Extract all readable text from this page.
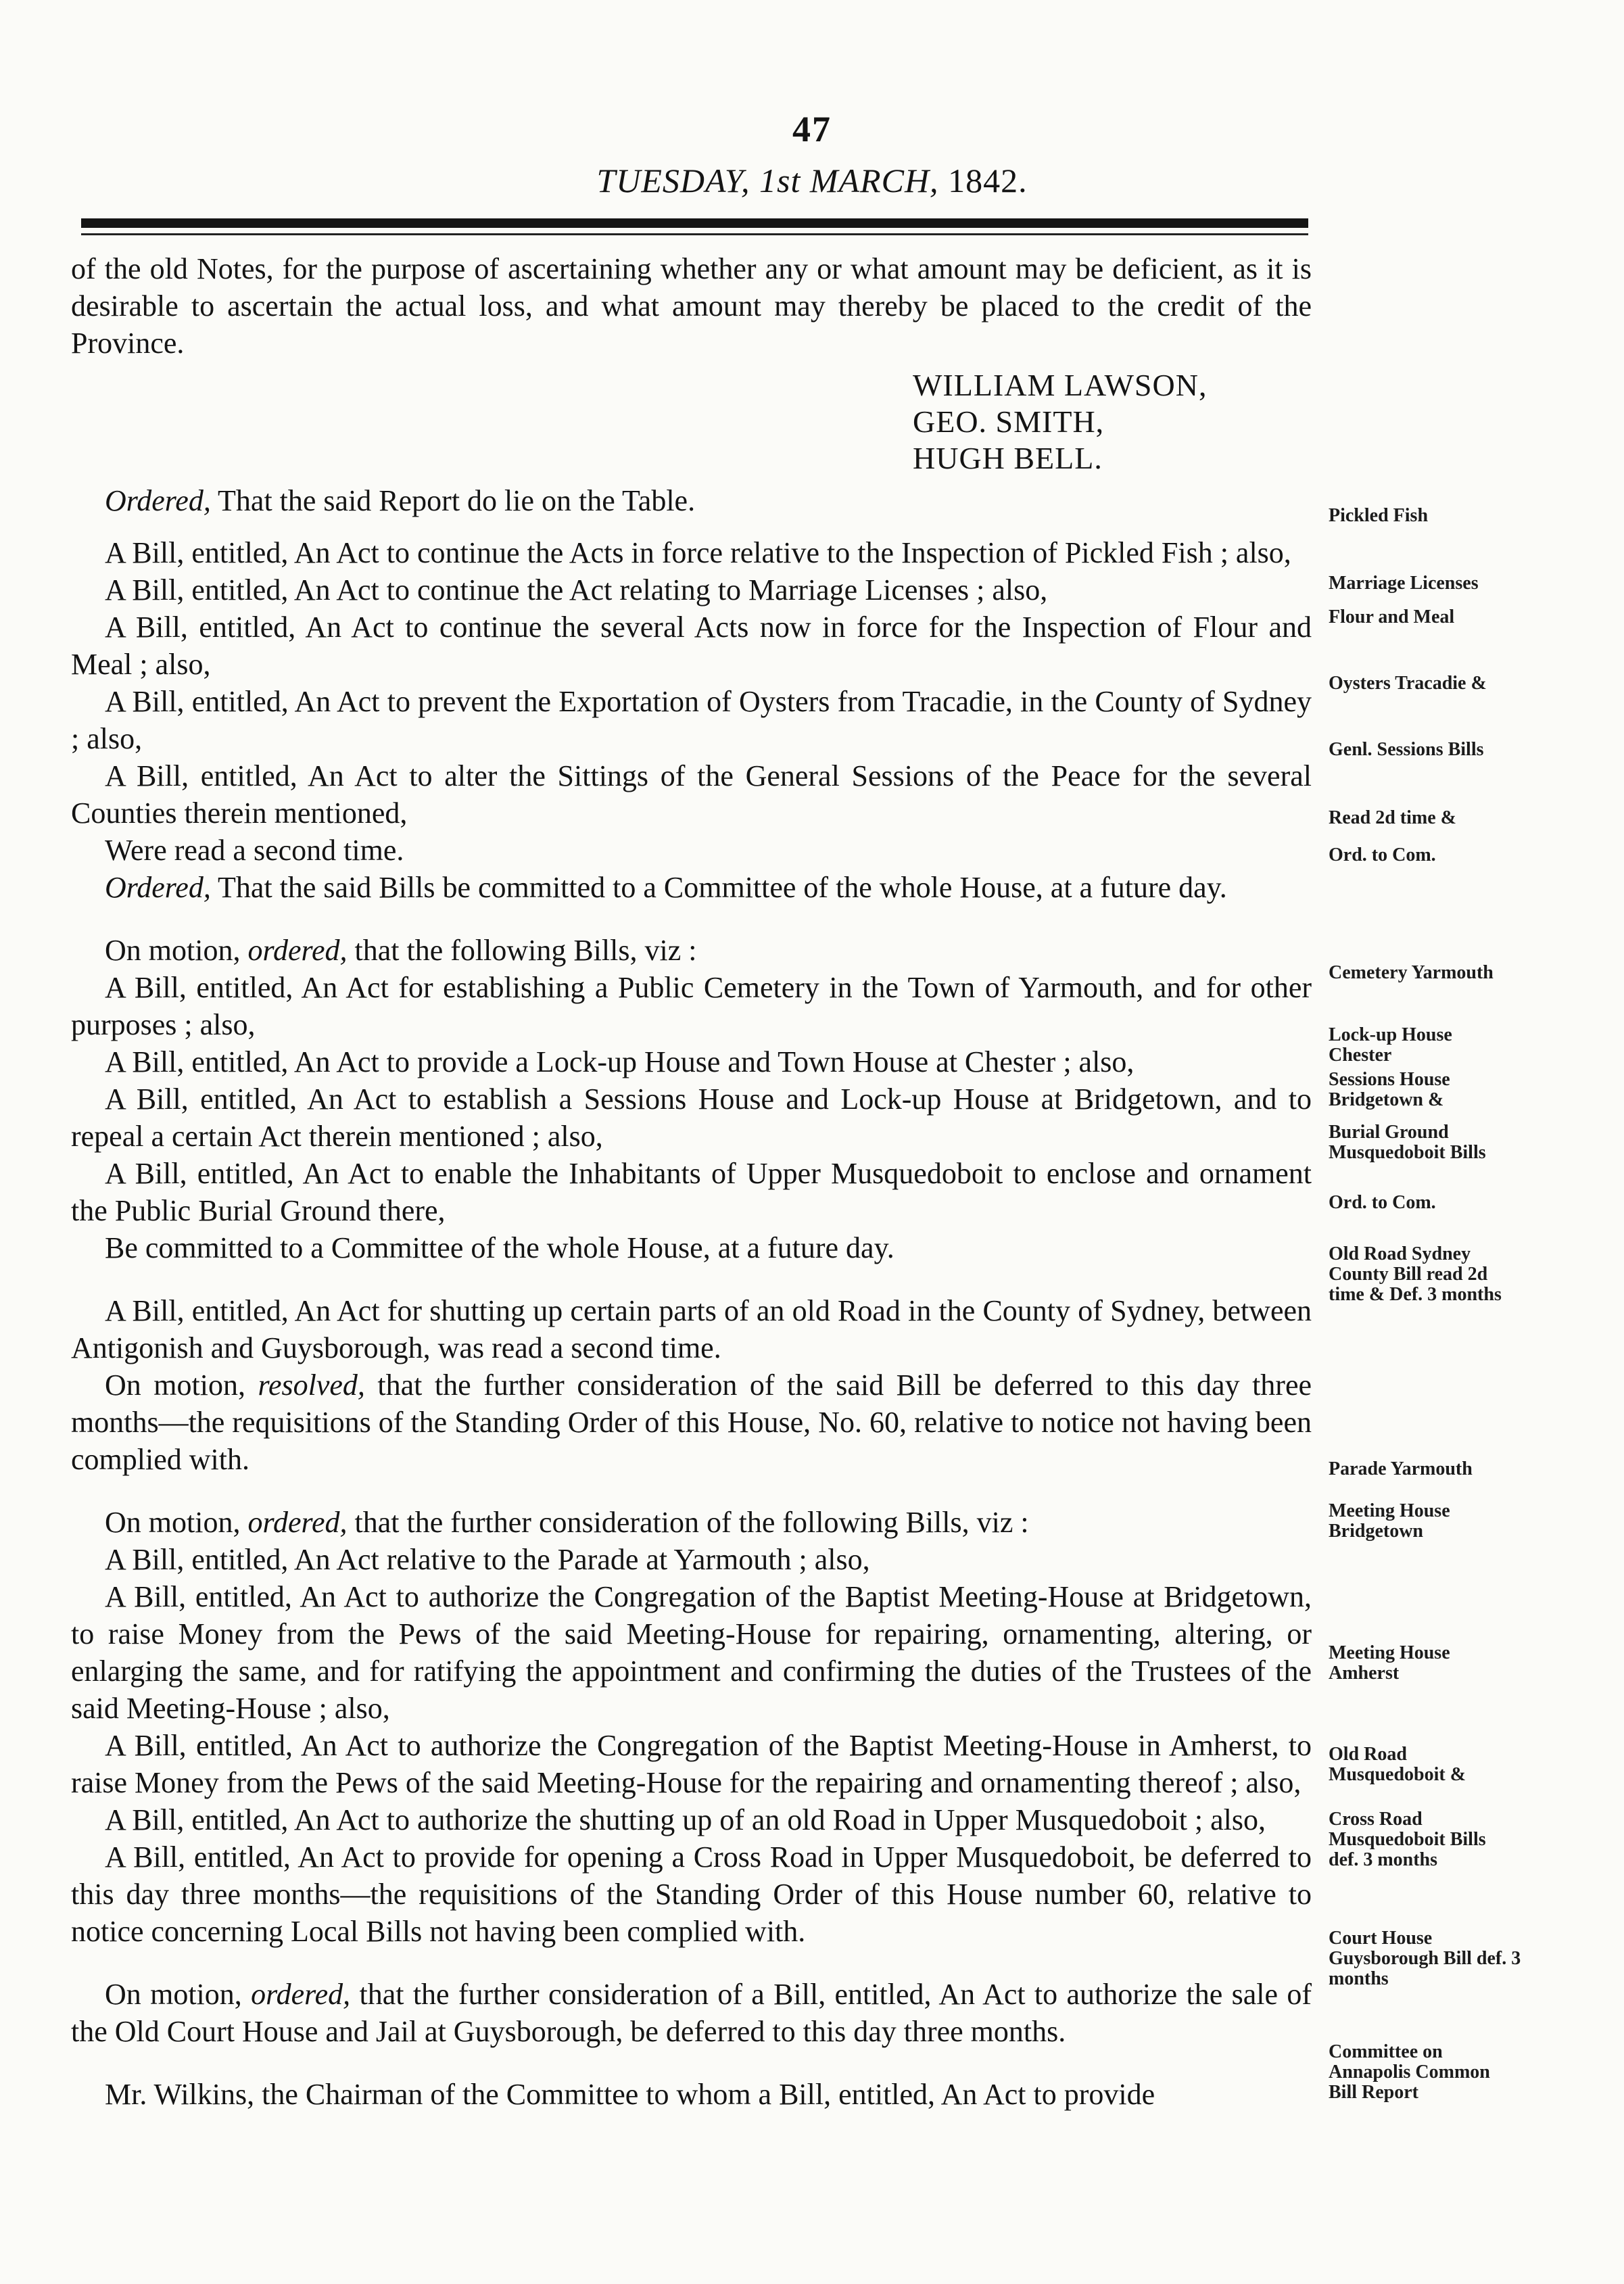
47
TUESDAY, 1st MARCH, 1842.

of the old Notes, for the purpose of ascertaining whether any or what amount may be deficient, as it is desirable to ascertain the actual loss, and what amount may thereby be placed to the credit of the Province.

WILLIAM LAWSON,
GEO. SMITH,
HUGH BELL.

Ordered, That the said Report do lie on the Table.

A Bill, entitled, An Act to continue the Acts in force relative to the Inspection of Pickled Fish ; also,

A Bill, entitled, An Act to continue the Act relating to Marriage Licenses ; also,

A Bill, entitled, An Act to continue the several Acts now in force for the Inspection of Flour and Meal ; also,

A Bill, entitled, An Act to prevent the Exportation of Oysters from Tracadie, in the County of Sydney ; also,

A Bill, entitled, An Act to alter the Sittings of the General Sessions of the Peace for the several Counties therein mentioned,

Were read a second time.

Ordered, That the said Bills be committed to a Committee of the whole House, at a future day.

On motion, ordered, that the following Bills, viz :

A Bill, entitled, An Act for establishing a Public Cemetery in the Town of Yarmouth, and for other purposes ; also,

A Bill, entitled, An Act to provide a Lock-up House and Town House at Chester ; also,

A Bill, entitled, An Act to establish a Sessions House and Lock-up House at Bridgetown, and to repeal a certain Act therein mentioned ; also,

A Bill, entitled, An Act to enable the Inhabitants of Upper Musquedoboit to enclose and ornament the Public Burial Ground there,

Be committed to a Committee of the whole House, at a future day.

A Bill, entitled, An Act for shutting up certain parts of an old Road in the County of Sydney, between Antigonish and Guysborough, was read a second time.

On motion, resolved, that the further consideration of the said Bill be deferred to this day three months—the requisitions of the Standing Order of this House, No. 60, relative to notice not having been complied with.

On motion, ordered, that the further consideration of the following Bills, viz :

A Bill, entitled, An Act relative to the Parade at Yarmouth ; also,

A Bill, entitled, An Act to authorize the Congregation of the Baptist Meeting-House at Bridgetown, to raise Money from the Pews of the said Meeting-House for repairing, ornamenting, altering, or enlarging the same, and for ratifying the appointment and confirming the duties of the Trustees of the said Meeting-House ; also,

A Bill, entitled, An Act to authorize the Congregation of the Baptist Meeting-House in Amherst, to raise Money from the Pews of the said Meeting-House for the repairing and ornamenting thereof ; also,

A Bill, entitled, An Act to authorize the shutting up of an old Road in Upper Musquedoboit ; also,

A Bill, entitled, An Act to provide for opening a Cross Road in Upper Musquedoboit, be deferred to this day three months—the requisitions of the Standing Order of this House number 60, relative to notice concerning Local Bills not having been complied with.

On motion, ordered, that the further consideration of a Bill, entitled, An Act to authorize the sale of the Old Court House and Jail at Guysborough, be deferred to this day three months.

Mr. Wilkins, the Chairman of the Committee to whom a Bill, entitled, An Act to provide

Pickled Fish
Marriage Licenses
Flour and Meal
Oysters Tracadie &
Genl. Sessions Bills
Read 2d time &
Ord. to Com.
Cemetery Yarmouth
Lock-up House Chester
Sessions House Bridgetown &
Burial Ground Musquedoboit Bills
Ord. to Com.
Old Road Sydney County Bill read 2d time & Def. 3 months
Parade Yarmouth
Meeting House Bridgetown
Meeting House Amherst
Old Road Musquedoboit &
Cross Road Musquedoboit Bills def. 3 months
Court House Guysborough Bill def. 3 months
Committee on Annapolis Common Bill Report
